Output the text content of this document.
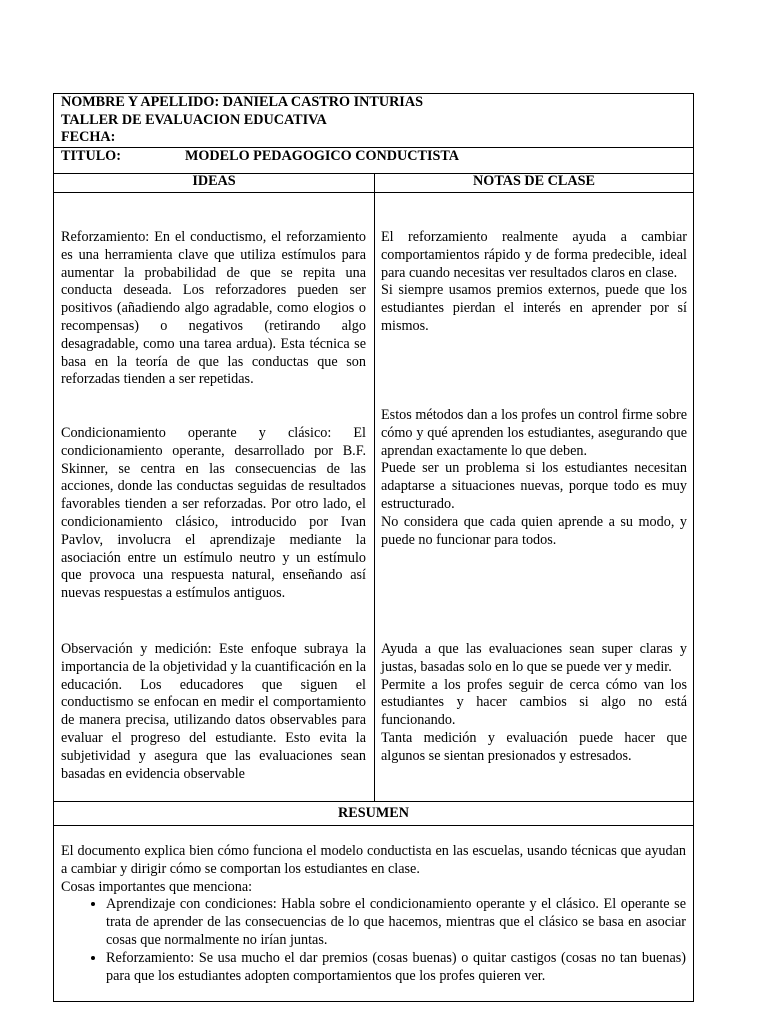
NOMBRE Y APELLIDO: DANIELA CASTRO INTURIAS
TALLER DE EVALUACION EDUCATIVA
FECHA:
TITULO:	MODELO PEDAGOGICO CONDUCTISTA
IDEAS	NOTAS DE CLASE

Reforzamiento: En el conductismo, el reforzamiento es una herramienta clave que utiliza estímulos para aumentar la probabilidad de que se repita una conducta deseada. Los reforzadores pueden ser positivos (añadiendo algo agradable, como elogios o recompensas) o negativos (retirando algo desagradable, como una tarea ardua). Esta técnica se basa en la teoría de que las conductas que son reforzadas tienden a ser repetidas.

Condicionamiento operante y clásico: El condicionamiento operante, desarrollado por B.F. Skinner, se centra en las consecuencias de las acciones, donde las conductas seguidas de resultados favorables tienden a ser reforzadas. Por otro lado, el condicionamiento clásico, introducido por Ivan Pavlov, involucra el aprendizaje mediante la asociación entre un estímulo neutro y un estímulo que provoca una respuesta natural, enseñando así nuevas respuestas a estímulos antiguos.

Observación y medición: Este enfoque subraya la importancia de la objetividad y la cuantificación en la educación. Los educadores que siguen el conductismo se enfocan en medir el comportamiento de manera precisa, utilizando datos observables para evaluar el progreso del estudiante. Esto evita la subjetividad y asegura que las evaluaciones sean basadas en evidencia observable

El reforzamiento realmente ayuda a cambiar comportamientos rápido y de forma predecible, ideal para cuando necesitas ver resultados claros en clase.

Si siempre usamos premios externos, puede que los estudiantes pierdan el interés en aprender por sí mismos.

Estos métodos dan a los profes un control firme sobre cómo y qué aprenden los estudiantes, asegurando que aprendan exactamente lo que deben.

Puede ser un problema si los estudiantes necesitan adaptarse a situaciones nuevas, porque todo es muy estructurado.

No considera que cada quien aprende a su modo, y puede no funcionar para todos.

Ayuda a que las evaluaciones sean super claras y justas, basadas solo en lo que se puede ver y medir.

Permite a los profes seguir de cerca cómo van los estudiantes y hacer cambios si algo no está funcionando.

Tanta medición y evaluación puede hacer que algunos se sientan presionados y estresados.

RESUMEN

El documento explica bien cómo funciona el modelo conductista en las escuelas, usando técnicas que ayudan a cambiar y dirigir cómo se comportan los estudiantes en clase.

Cosas importantes que menciona:

• Aprendizaje con condiciones: Habla sobre el condicionamiento operante y el clásico. El operante se trata de aprender de las consecuencias de lo que hacemos, mientras que el clásico se basa en asociar cosas que normalmente no irían juntas.
• Reforzamiento: Se usa mucho el dar premios (cosas buenas) o quitar castigos (cosas no tan buenas) para que los estudiantes adopten comportamientos que los profes quieren ver.
